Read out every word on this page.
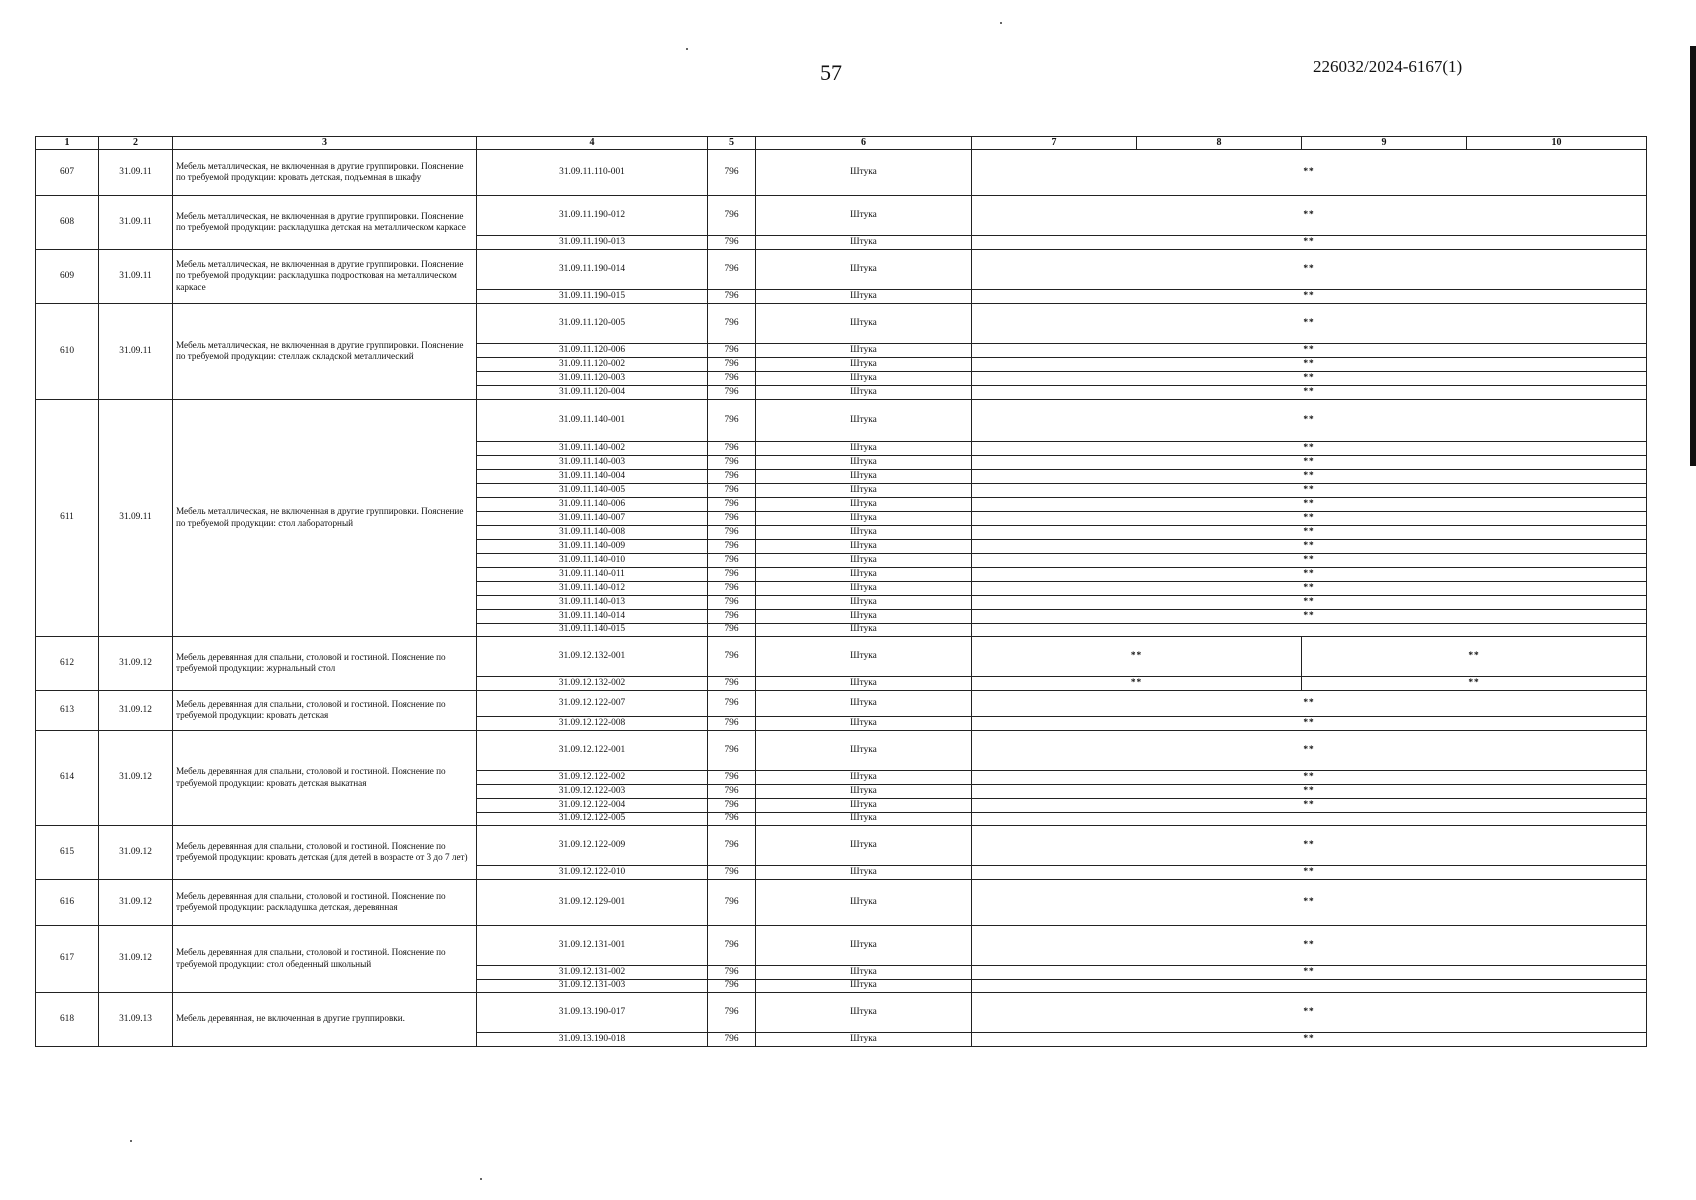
57	226032/2024-6167(1)
1	2	3	4	5	6	7	8	9	10
607	31.09.11	Мебель металлическая, не включенная в другие группировки. Пояснение по требуемой продукции: кровать детская, подъемная в шкафу	31.09.11.110-001	796	Штука	**			
608	31.09.11	Мебель металлическая, не включенная в другие группировки. Пояснение по требуемой продукции: раскладушка детская на металлическом каркасе	31.09.11.190-012	796	Штука	**			
			31.09.11.190-013	796	Штука	**			
609	31.09.11	Мебель металлическая, не включенная в другие группировки. Пояснение по требуемой продукции: раскладушка подростковая на металлическом каркасе	31.09.11.190-014	796	Штука	**			
			31.09.11.190-015	796	Штука	**			
610	31.09.11	Мебель металлическая, не включенная в другие группировки. Пояснение по требуемой продукции: стеллаж складской металлический	31.09.11.120-005	796	Штука	**			
			31.09.11.120-006	796	Штука	**			
			31.09.11.120-002	796	Штука	**			
			31.09.11.120-003	796	Штука	**			
			31.09.11.120-004	796	Штука	**			
611	31.09.11	Мебель металлическая, не включенная в другие группировки. Пояснение по требуемой продукции: стол лабораторный	31.09.11.140-001	796	Штука	**			
			31.09.11.140-002	796	Штука	**			
			31.09.11.140-003	796	Штука	**			
			31.09.11.140-004	796	Штука	**			
			31.09.11.140-005	796	Штука	**			
			31.09.11.140-006	796	Штука	**			
			31.09.11.140-007	796	Штука	**			
			31.09.11.140-008	796	Штука	**			
			31.09.11.140-009	796	Штука	**			
			31.09.11.140-010	796	Штука	**			
			31.09.11.140-011	796	Штука	**			
			31.09.11.140-012	796	Штука	**			
			31.09.11.140-013	796	Штука	**			
			31.09.11.140-014	796	Штука	**			
			31.09.11.140-015	796	Штука				
612	31.09.12	Мебель деревянная для спальни, столовой и гостиной. Пояснение по требуемой продукции: журнальный стол	31.09.12.132-001	796	Штука	**		**	
			31.09.12.132-002	796	Штука	**		**	
613	31.09.12	Мебель деревянная для спальни, столовой и гостиной. Пояснение по требуемой продукции: кровать детская	31.09.12.122-007	796	Штука	**			
			31.09.12.122-008	796	Штука	**			
614	31.09.12	Мебель деревянная для спальни, столовой и гостиной. Пояснение по требуемой продукции: кровать детская выкатная	31.09.12.122-001	796	Штука	**			
			31.09.12.122-002	796	Штука	**			
			31.09.12.122-003	796	Штука	**			
			31.09.12.122-004	796	Штука	**			
			31.09.12.122-005	796	Штука				
615	31.09.12	Мебель деревянная для спальни, столовой и гостиной. Пояснение по требуемой продукции: кровать детская (для детей в возрасте от 3 до 7 лет)	31.09.12.122-009	796	Штука	**			
			31.09.12.122-010	796	Штука	**			
616	31.09.12	Мебель деревянная для спальни, столовой и гостиной. Пояснение по требуемой продукции: раскладушка детская, деревянная	31.09.12.129-001	796	Штука	**			
617	31.09.12	Мебель деревянная для спальни, столовой и гостиной. Пояснение по требуемой продукции: стол обеденный школьный	31.09.12.131-001	796	Штука	**			
			31.09.12.131-002	796	Штука	**			
			31.09.12.131-003	796	Штука				
618	31.09.13	Мебель деревянная, не включенная в другие группировки.	31.09.13.190-017	796	Штука	**			
			31.09.13.190-018	796	Штука	**			
